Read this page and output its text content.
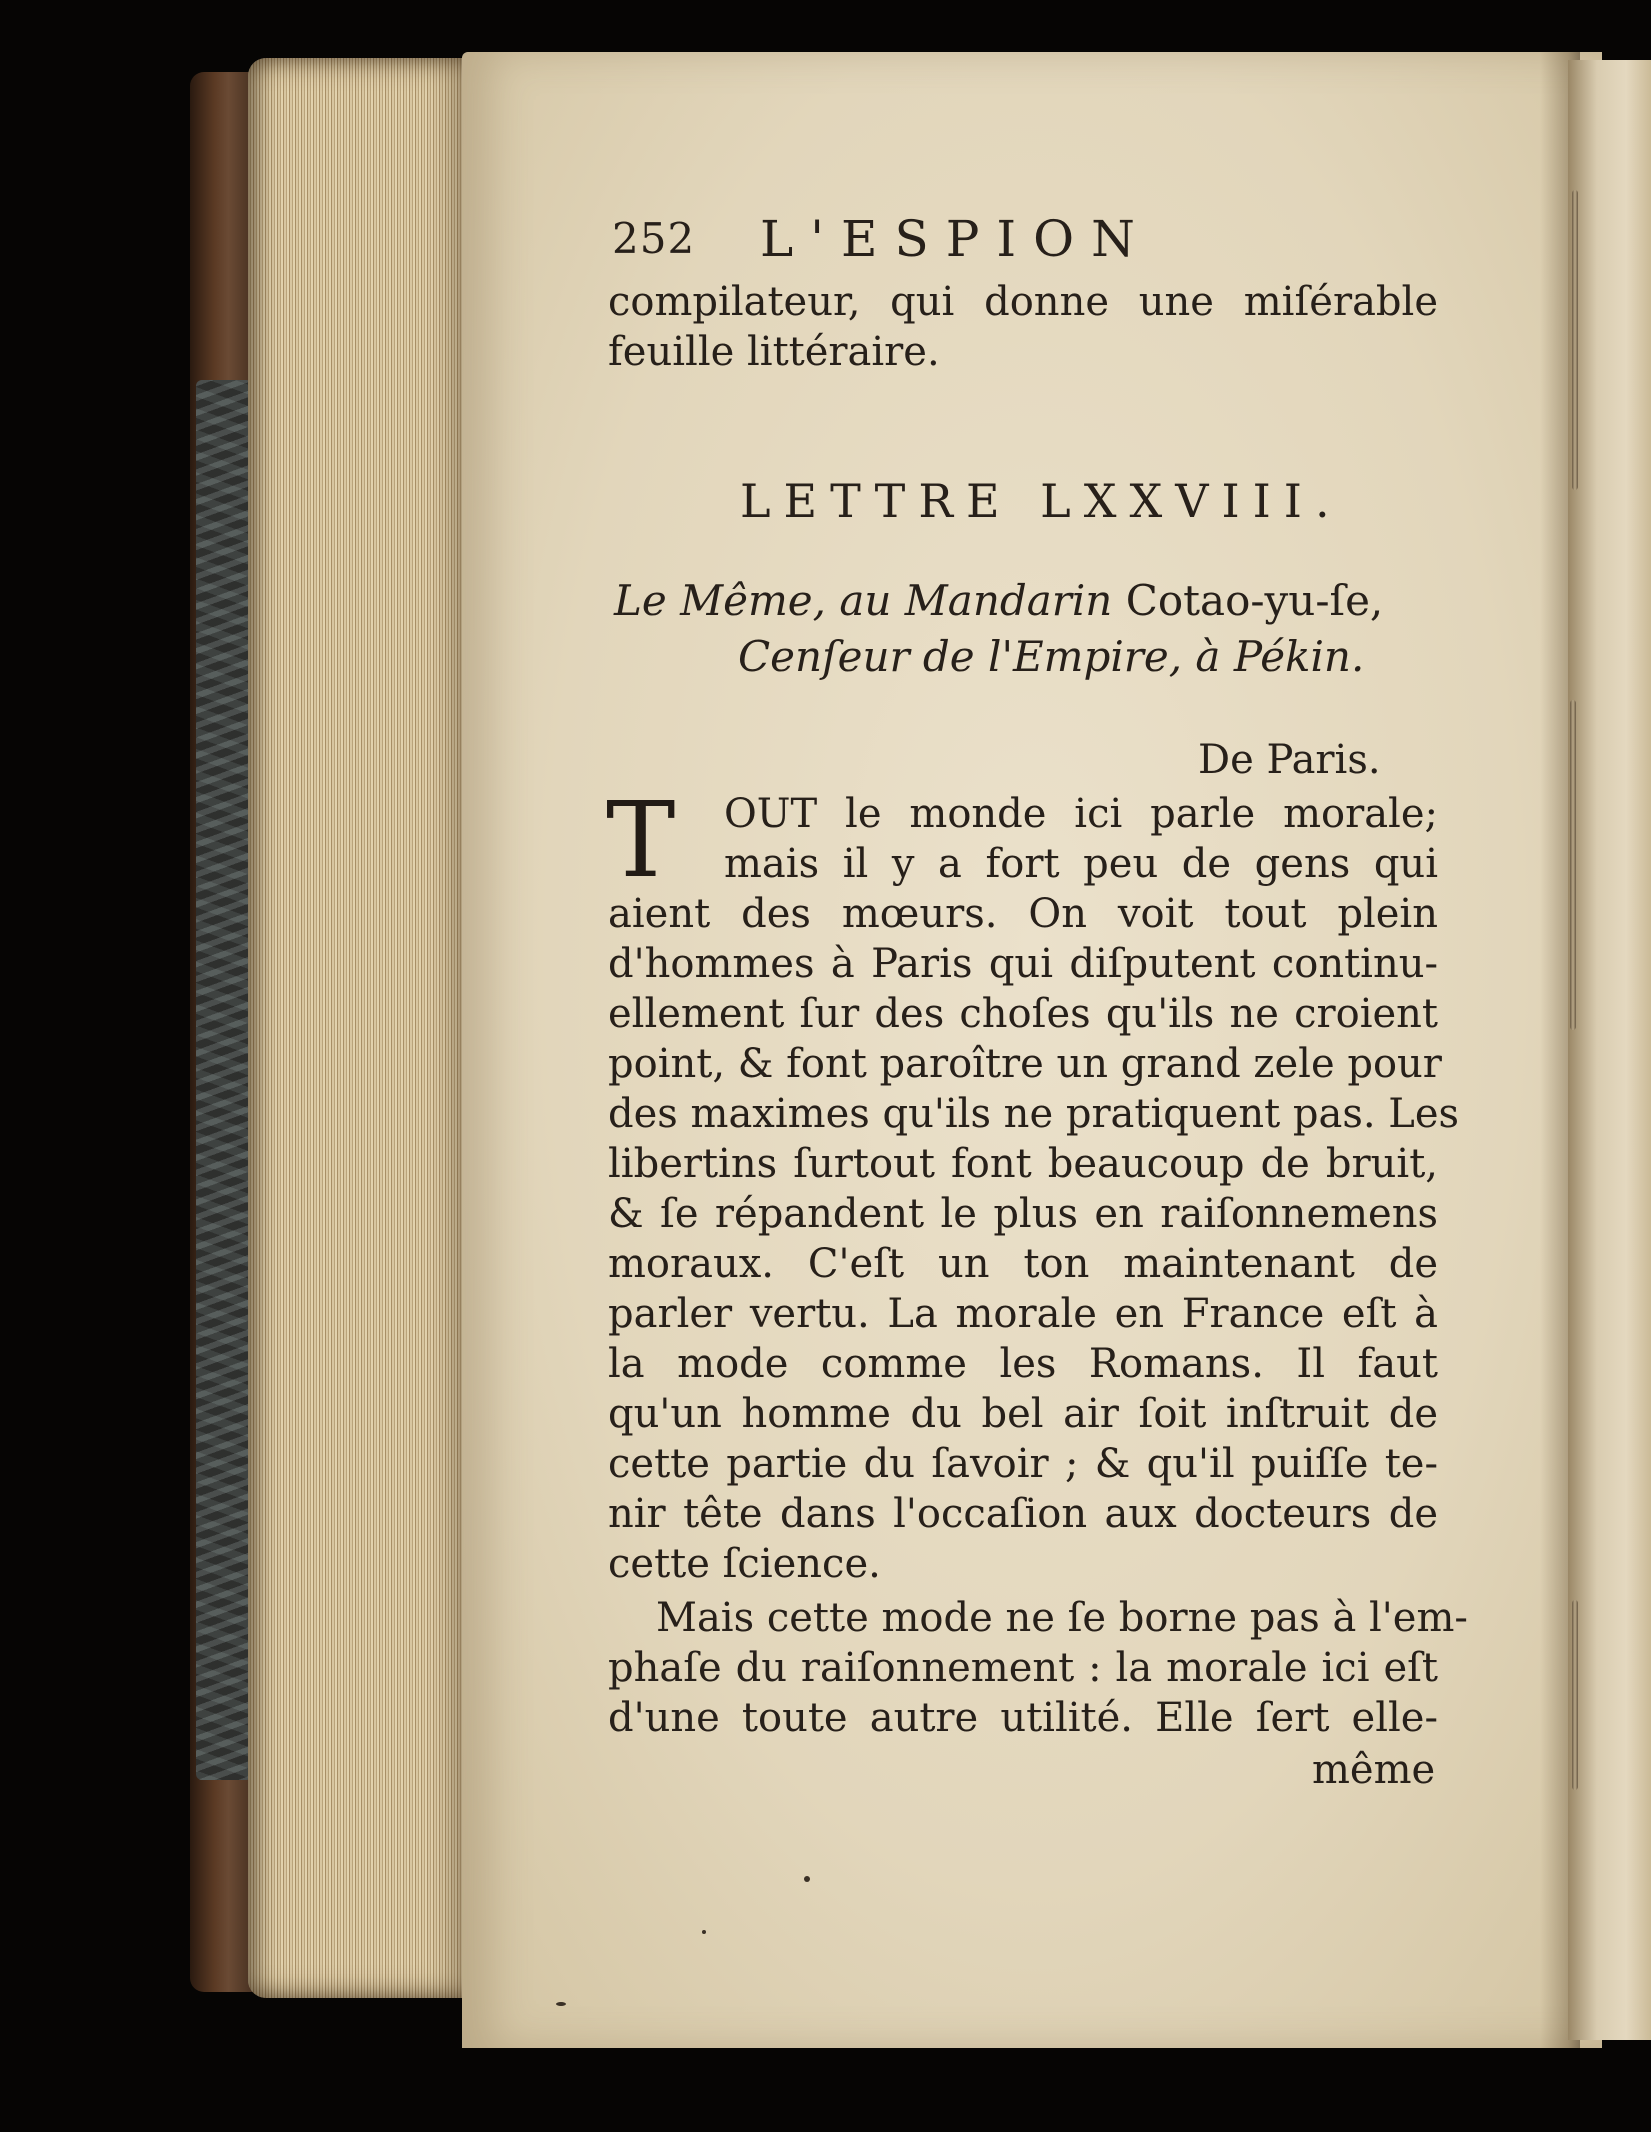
252 L'ESPION
compilateur, qui donne une miſérable
feuille littéraire.
LETTRE LXXVIII.
Le Même, au Mandarin Cotao-yu-ſe,
Cenſeur de l'Empire, à Pékin.
De Paris.
T OUT le monde ici parle morale;
mais il y a fort peu de gens qui
aient des mœurs. On voit tout plein
d'hommes à Paris qui diſputent continu-
ellement ſur des choſes qu'ils ne croient
point, & font paroître un grand zele pour
des maximes qu'ils ne pratiquent pas. Les
libertins ſurtout font beaucoup de bruit,
& ſe répandent le plus en raiſonnemens
moraux. C'eſt un ton maintenant de
parler vertu. La morale en France eſt à
la mode comme les Romans. Il faut
qu'un homme du bel air ſoit inſtruit de
cette partie du ſavoir ; & qu'il puiſſe te-
nir tête dans l'occaſion aux docteurs de
cette ſcience.
Mais cette mode ne ſe borne pas à l'em-
phaſe du raiſonnement : la morale ici eſt
d'une toute autre utilité. Elle ſert elle-
même
